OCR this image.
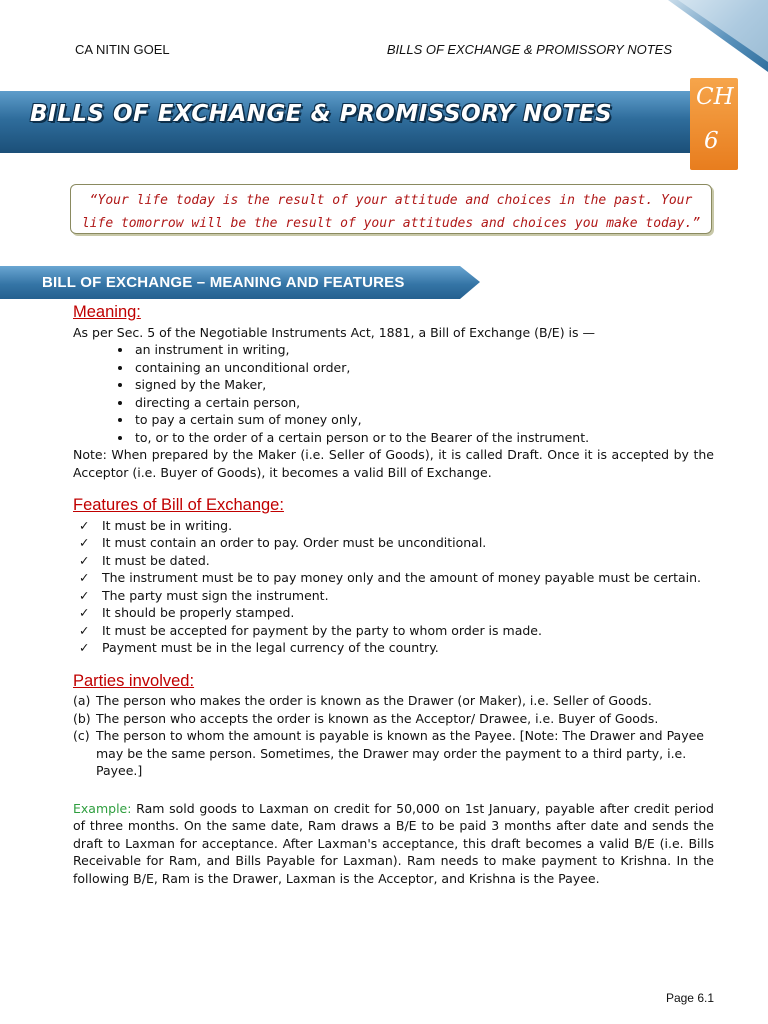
CA NITIN GOEL	BILLS OF EXCHANGE & PROMISSORY NOTES
BILLS OF EXCHANGE & PROMISSORY NOTES
CH
6
“Your life today is the result of your attitude and choices in the past. Your life tomorrow will be the result of your attitudes and choices you make today.”
BILL OF EXCHANGE – MEANING AND FEATURES
Meaning:
As per Sec. 5 of the Negotiable Instruments Act, 1881, a Bill of Exchange (B/E) is —
• an instrument in writing,
• containing an unconditional order,
• signed by the Maker,
• directing a certain person,
• to pay a certain sum of money only,
• to, or to the order of a certain person or to the Bearer of the instrument.
Note: When prepared by the Maker (i.e. Seller of Goods), it is called Draft. Once it is accepted by the Acceptor (i.e. Buyer of Goods), it becomes a valid Bill of Exchange.
Features of Bill of Exchange:
✓ It must be in writing.
✓ It must contain an order to pay. Order must be unconditional.
✓ It must be dated.
✓ The instrument must be to pay money only and the amount of money payable must be certain.
✓ The party must sign the instrument.
✓ It should be properly stamped.
✓ It must be accepted for payment by the party to whom order is made.
✓ Payment must be in the legal currency of the country.
Parties involved:
(a) The person who makes the order is known as the Drawer (or Maker), i.e. Seller of Goods.
(b) The person who accepts the order is known as the Acceptor/ Drawee, i.e. Buyer of Goods.
(c) The person to whom the amount is payable is known as the Payee. [Note: The Drawer and Payee may be the same person. Sometimes, the Drawer may order the payment to a third party, i.e. Payee.]
Example: Ram sold goods to Laxman on credit for 50,000 on 1st January, payable after credit period of three months. On the same date, Ram draws a B/E to be paid 3 months after date and sends the draft to Laxman for acceptance. After Laxman's acceptance, this draft becomes a valid B/E (i.e. Bills Receivable for Ram, and Bills Payable for Laxman). Ram needs to make payment to Krishna. In the following B/E, Ram is the Drawer, Laxman is the Acceptor, and Krishna is the Payee.
Page 6.1
